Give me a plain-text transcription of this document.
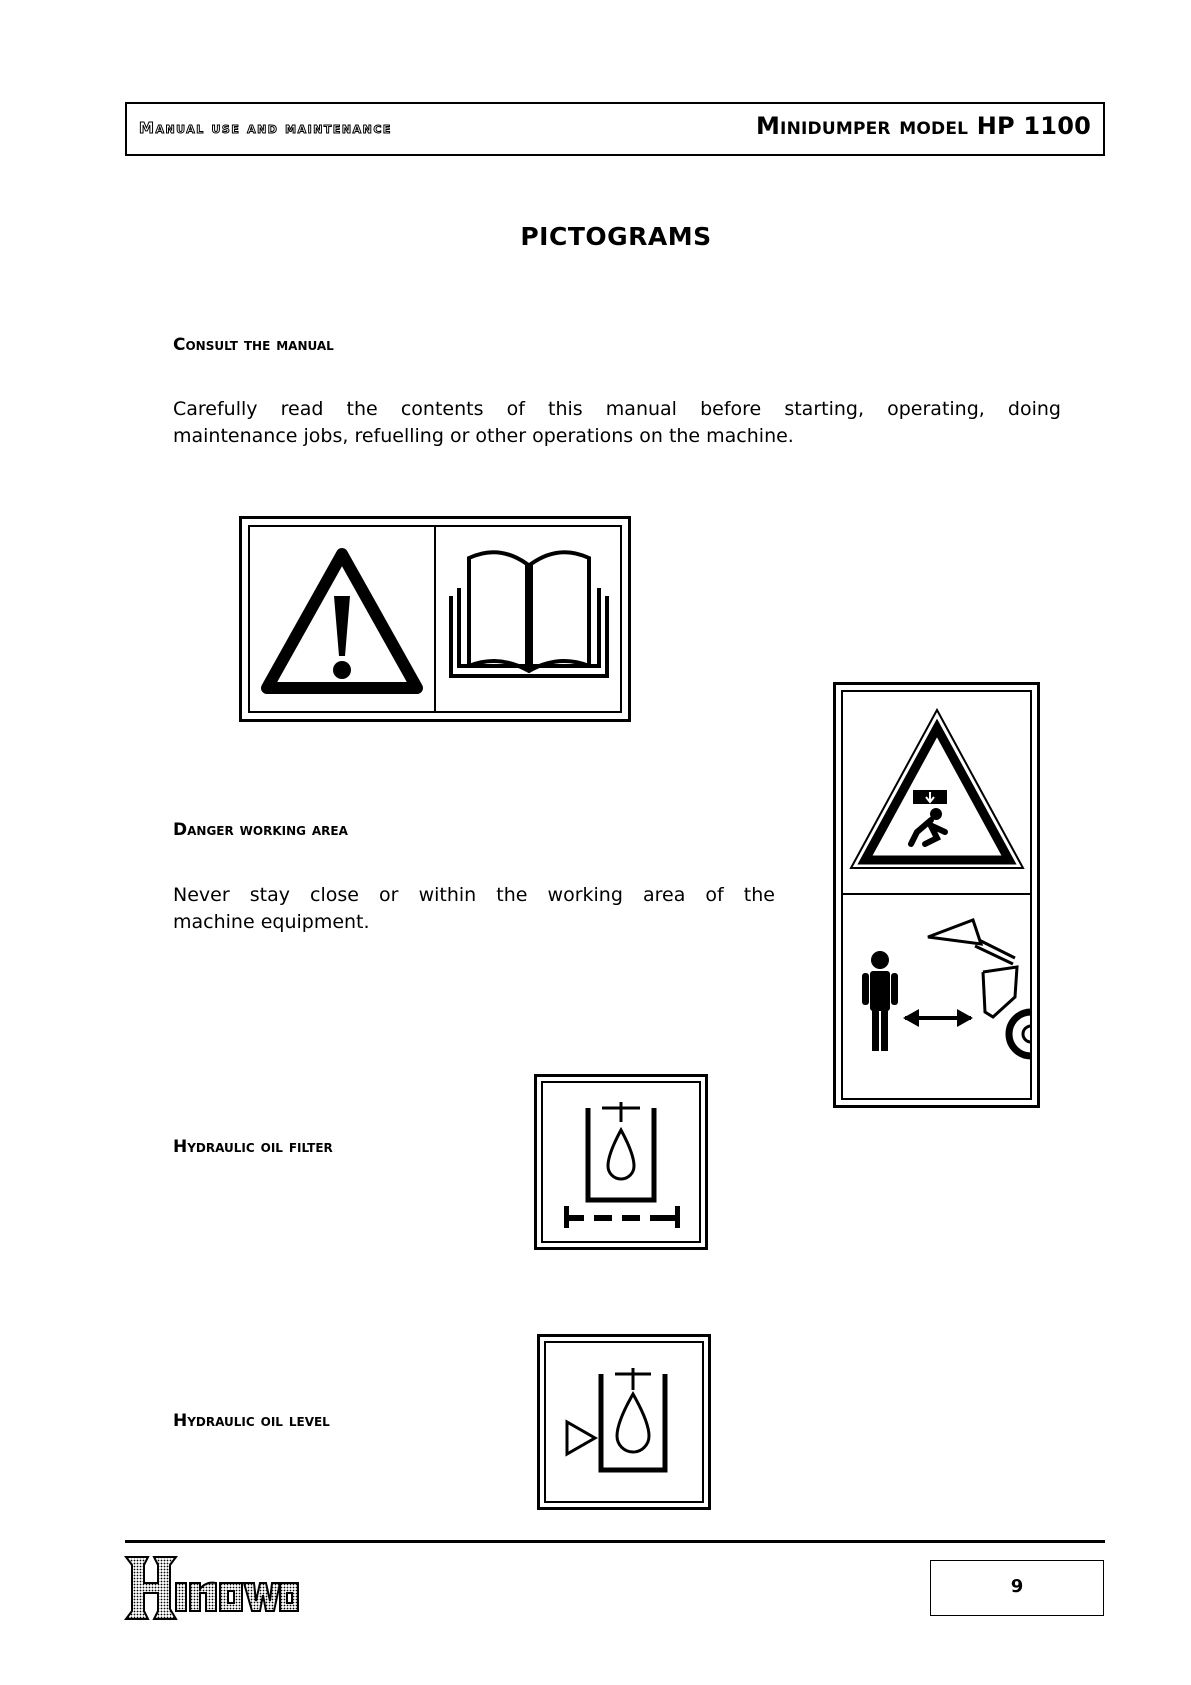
Manual use and maintenance	Minidumper model HP 1100
PICTOGRAMS
Consult the manual
Carefully read the contents of this manual before starting, operating, doing
maintenance jobs, refuelling or other operations on the machine.
Danger working area
Never stay close or within the working area of the
machine equipment.
Hydraulic oil filter
Hydraulic oil level
9
